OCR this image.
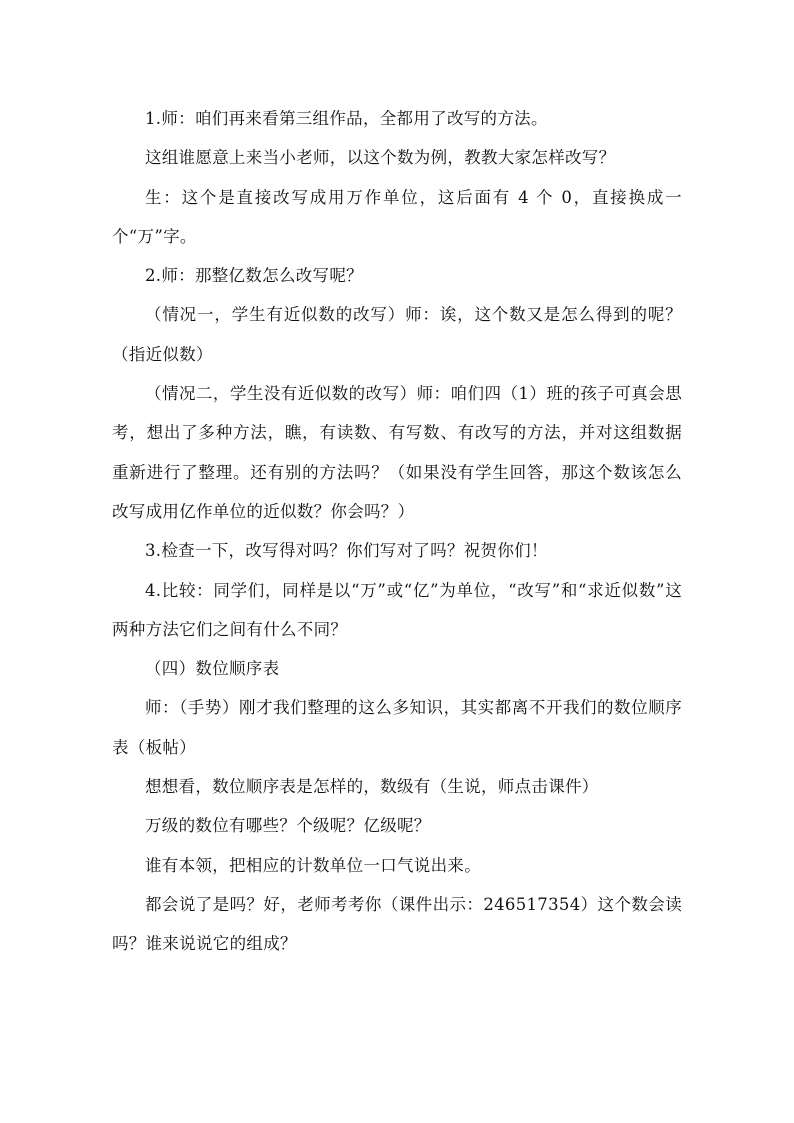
1.师：咱们再来看第三组作品，全都用了改写的方法。

这组谁愿意上来当小老师，以这个数为例，教教大家怎样改写？

生：这个是直接改写成用万作单位，这后面有 4 个 0，直接换成一个“万”字。

2.师：那整亿数怎么改写呢？

（情况一，学生有近似数的改写）师：诶，这个数又是怎么得到的呢？（指近似数）

（情况二，学生没有近似数的改写）师：咱们四（1）班的孩子可真会思考，想出了多种方法，瞧，有读数、有写数、有改写的方法，并对这组数据重新进行了整理。还有别的方法吗？（如果没有学生回答，那这个数该怎么改写成用亿作单位的近似数？你会吗？）

3.检查一下，改写得对吗？你们写对了吗？祝贺你们！

4.比较：同学们，同样是以“万”或“亿”为单位，“改写”和“求近似数”这两种方法它们之间有什么不同？

（四）数位顺序表

师：（手势）刚才我们整理的这么多知识，其实都离不开我们的数位顺序表（板帖）

想想看，数位顺序表是怎样的，数级有（生说，师点击课件）

万级的数位有哪些？个级呢？亿级呢？

谁有本领，把相应的计数单位一口气说出来。

都会说了是吗？好，老师考考你（课件出示：246517354）这个数会读吗？谁来说说它的组成？
